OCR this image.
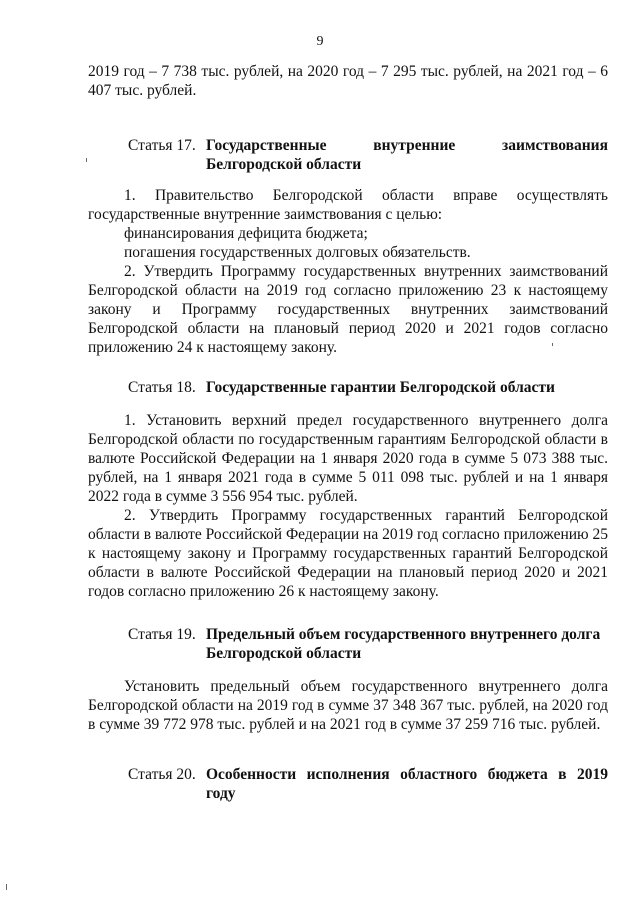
9

2019 год – 7 738 тыс. рублей, на 2020 год – 7 295 тыс. рублей, на 2021 год – 6 407 тыс. рублей.

Статья 17. Государственные внутренние заимствования Белгородской области

1. Правительство Белгородской области вправе осуществлять государственные внутренние заимствования с целью:

финансирования дефицита бюджета;

погашения государственных долговых обязательств.

2. Утвердить Программу государственных внутренних заимствований Белгородской области на 2019 год согласно приложению 23 к настоящему закону и Программу государственных внутренних заимствований Белгородской области на плановый период 2020 и 2021 годов согласно приложению 24 к настоящему закону.

Статья 18. Государственные гарантии Белгородской области

1. Установить верхний предел государственного внутреннего долга Белгородской области по государственным гарантиям Белгородской области в валюте Российской Федерации на 1 января 2020 года в сумме 5 073 388 тыс. рублей, на 1 января 2021 года в сумме 5 011 098 тыс. рублей и на 1 января 2022 года в сумме 3 556 954 тыс. рублей.

2. Утвердить Программу государственных гарантий Белгородской области в валюте Российской Федерации на 2019 год согласно приложению 25 к настоящему закону и Программу государственных гарантий Белгородской области в валюте Российской Федерации на плановый период 2020 и 2021 годов согласно приложению 26 к настоящему закону.

Статья 19. Предельный объем государственного внутреннего долга Белгородской области

Установить предельный объем государственного внутреннего долга Белгородской области на 2019 год в сумме 37 348 367 тыс. рублей, на 2020 год в сумме 39 772 978 тыс. рублей и на 2021 год в сумме 37 259 716 тыс. рублей.

Статья 20. Особенности исполнения областного бюджета в 2019 году
